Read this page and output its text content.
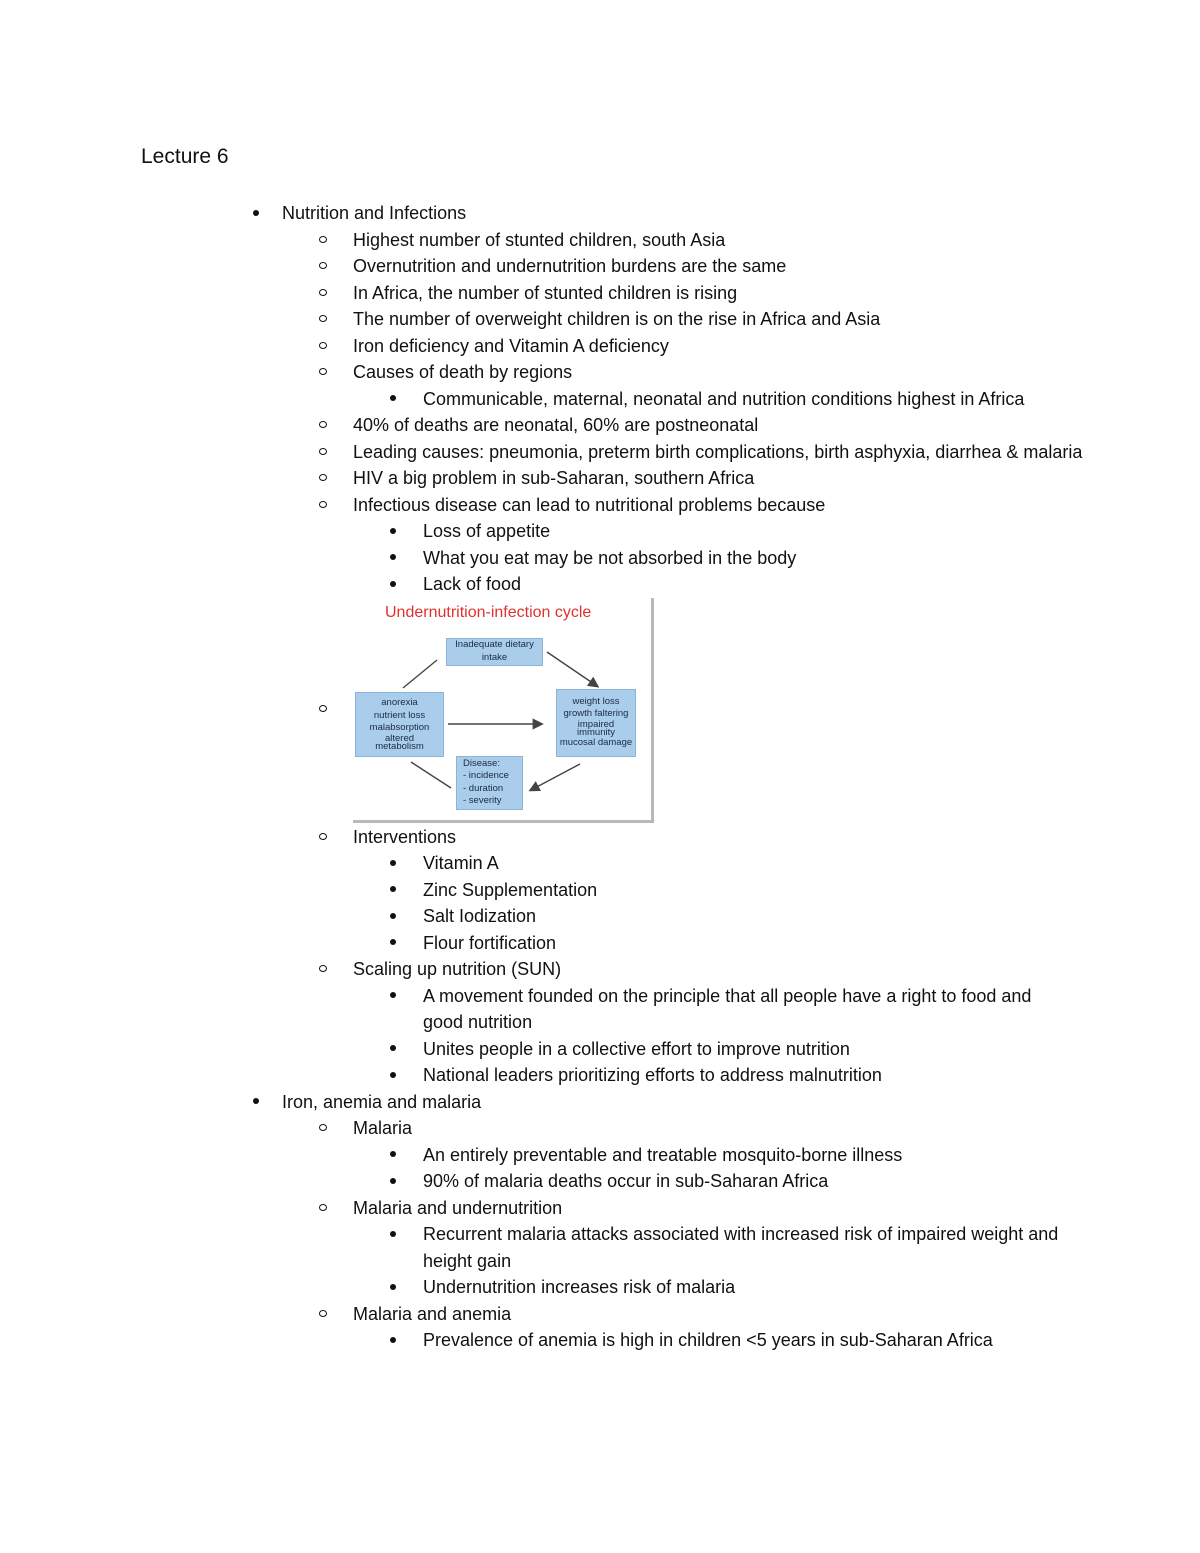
Lecture 6
Nutrition and Infections
Highest number of stunted children, south Asia
Overnutrition and undernutrition burdens are the same
In Africa, the number of stunted children is rising
The number of overweight children is on the rise in Africa and Asia
Iron deficiency and Vitamin A deficiency
Causes of death by regions
Communicable, maternal, neonatal and nutrition conditions highest in Africa
40% of deaths are neonatal, 60% are postneonatal
Leading causes: pneumonia, preterm birth complications, birth asphyxia, diarrhea & malaria
HIV a big problem in sub-Saharan, southern Africa
Infectious disease can lead to nutritional problems because
Loss of appetite
What you eat may be not absorbed in the body
Lack of food
Undernutrition-infection cycle
Inadequate dietary
intake
anorexia
nutrient loss
malabsorption
altered
metabolism
weight loss
growth faltering
impaired
immunity
mucosal damage
Disease:
- incidence
- duration
- severity
Interventions
Vitamin A
Zinc Supplementation
Salt Iodization
Flour fortification
Scaling up nutrition (SUN)
A movement founded on the principle that all people have a right to food and good nutrition
Unites people in a collective effort to improve nutrition
National leaders prioritizing efforts to address malnutrition
Iron, anemia and malaria
Malaria
An entirely preventable and treatable mosquito-borne illness
90% of malaria deaths occur in sub-Saharan Africa
Malaria and undernutrition
Recurrent malaria attacks associated with increased risk of impaired weight and height gain
Undernutrition increases risk of malaria
Malaria and anemia
Prevalence of anemia is high in children <5 years in sub-Saharan Africa
